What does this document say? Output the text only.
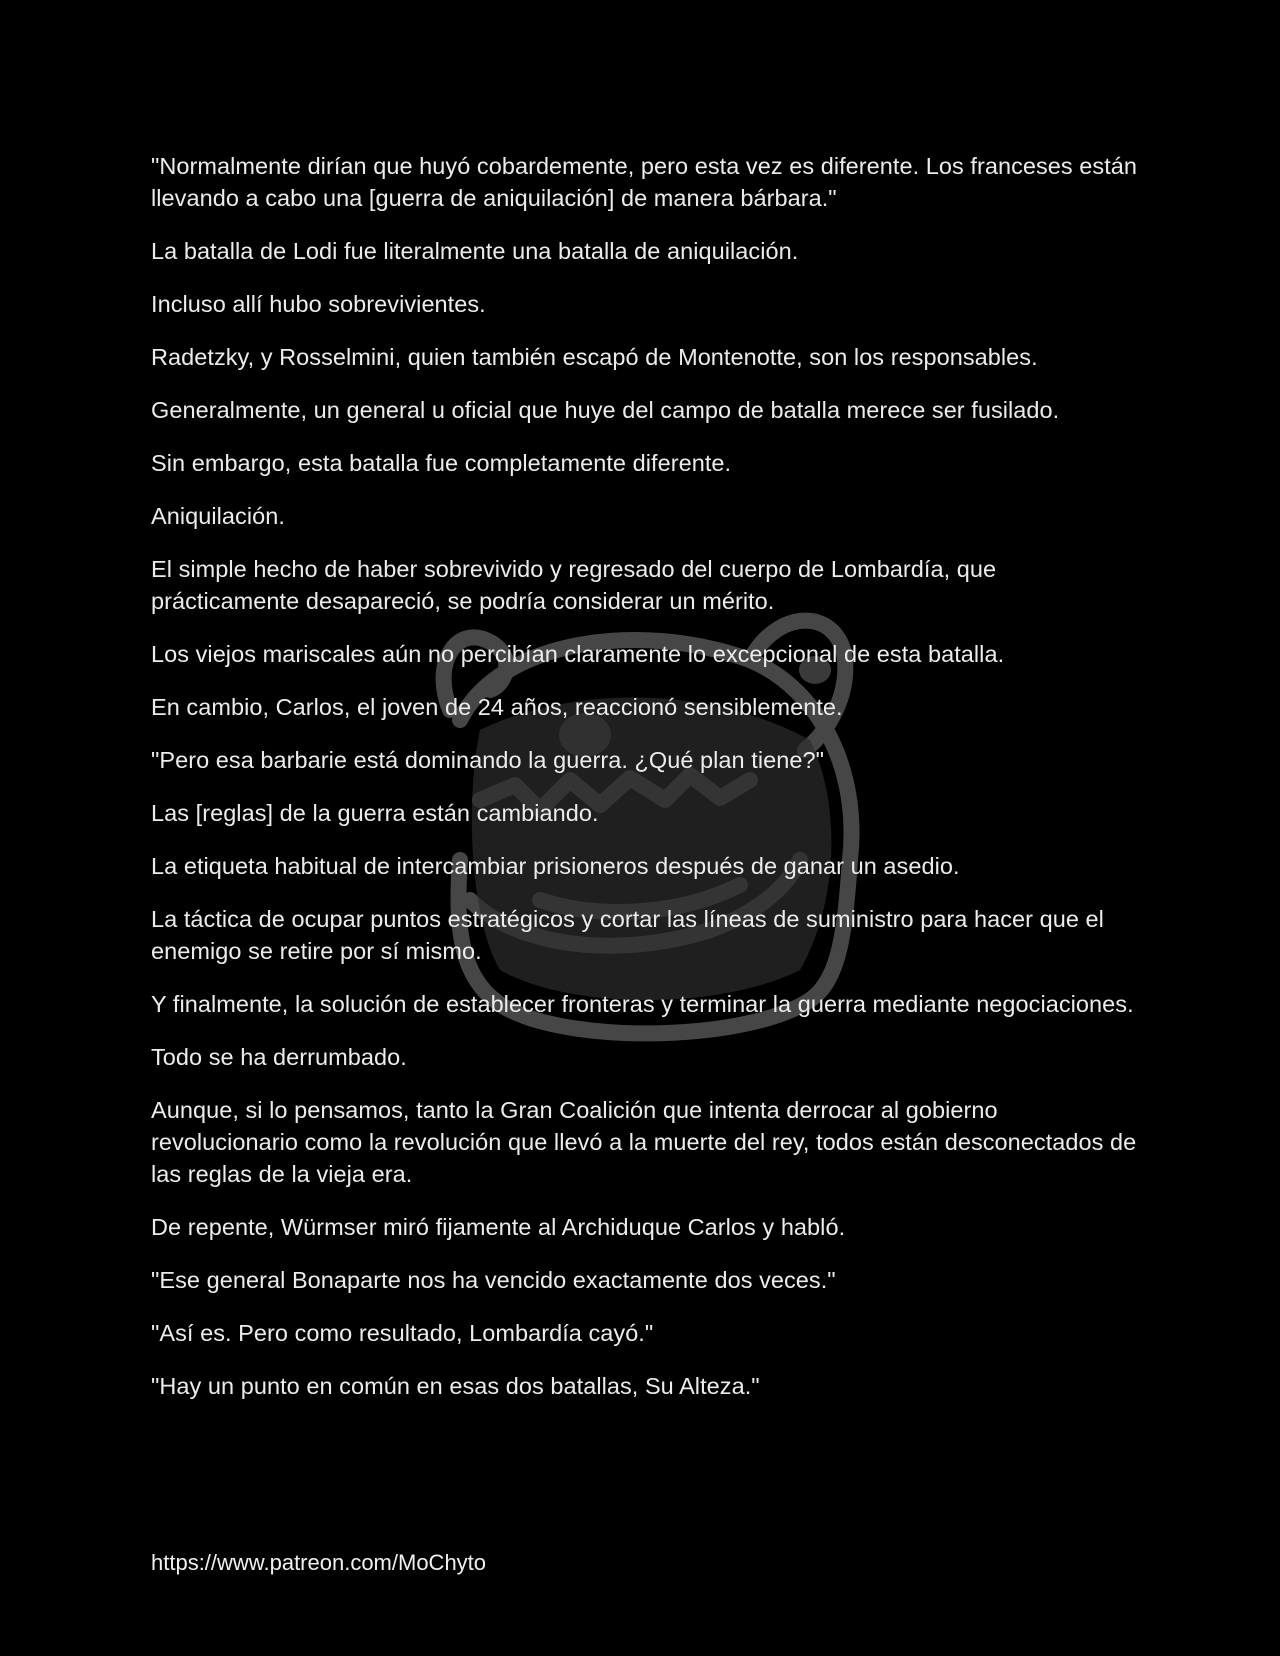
"Normalmente dirían que huyó cobardemente, pero esta vez es diferente. Los franceses están llevando a cabo una [guerra de aniquilación] de manera bárbara."

La batalla de Lodi fue literalmente una batalla de aniquilación.

Incluso allí hubo sobrevivientes.

Radetzky, y Rosselmini, quien también escapó de Montenotte, son los responsables.

Generalmente, un general u oficial que huye del campo de batalla merece ser fusilado.

Sin embargo, esta batalla fue completamente diferente.

Aniquilación.

El simple hecho de haber sobrevivido y regresado del cuerpo de Lombardía, que prácticamente desapareció, se podría considerar un mérito.

Los viejos mariscales aún no percibían claramente lo excepcional de esta batalla.

En cambio, Carlos, el joven de 24 años, reaccionó sensiblemente.

"Pero esa barbarie está dominando la guerra. ¿Qué plan tiene?"

Las [reglas] de la guerra están cambiando.

La etiqueta habitual de intercambiar prisioneros después de ganar un asedio.

La táctica de ocupar puntos estratégicos y cortar las líneas de suministro para hacer que el enemigo se retire por sí mismo.

Y finalmente, la solución de establecer fronteras y terminar la guerra mediante negociaciones.

Todo se ha derrumbado.

Aunque, si lo pensamos, tanto la Gran Coalición que intenta derrocar al gobierno revolucionario como la revolución que llevó a la muerte del rey, todos están desconectados de las reglas de la vieja era.

De repente, Würmser miró fijamente al Archiduque Carlos y habló.

"Ese general Bonaparte nos ha vencido exactamente dos veces."

"Así es. Pero como resultado, Lombardía cayó."

"Hay un punto en común en esas dos batallas, Su Alteza."

https://www.patreon.com/MoChyto
